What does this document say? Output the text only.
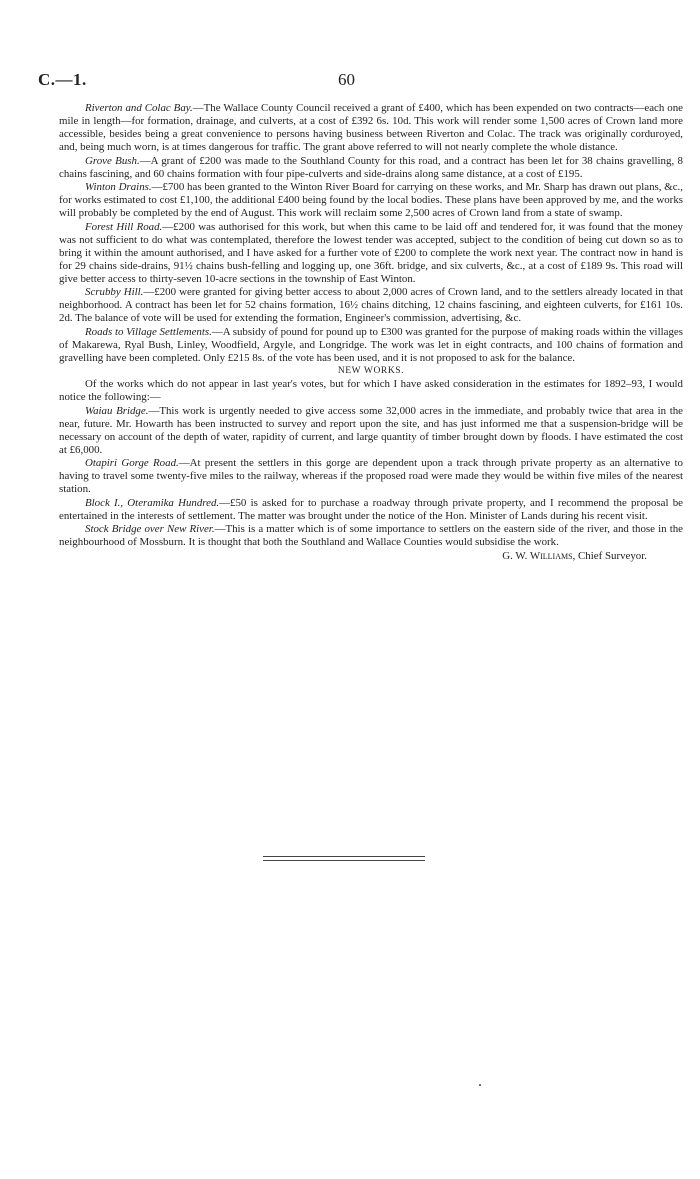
C.—1.	60

Riverton and Colac Bay.—The Wallace County Council received a grant of £400, which has been expended on two contracts—each one mile in length—for formation, drainage, and culverts, at a cost of £392 6s. 10d. This work will render some 1,500 acres of Crown land more accessible, besides being a great convenience to persons having business between Riverton and Colac. The track was originally corduroyed, and, being much worn, is at times dangerous for traffic. The grant above referred to will not nearly complete the whole distance.

Grove Bush.—A grant of £200 was made to the Southland County for this road, and a contract has been let for 38 chains gravelling, 8 chains fascining, and 60 chains formation with four pipe-culverts and side-drains along same distance, at a cost of £195.

Winton Drains.—£700 has been granted to the Winton River Board for carrying on these works, and Mr. Sharp has drawn out plans, &c., for works estimated to cost £1,100, the additional £400 being found by the local bodies. These plans have been approved by me, and the works will probably be completed by the end of August. This work will reclaim some 2,500 acres of Crown land from a state of swamp.

Forest Hill Road.—£200 was authorised for this work, but when this came to be laid off and tendered for, it was found that the money was not sufficient to do what was contemplated, therefore the lowest tender was accepted, subject to the condition of being cut down so as to bring it within the amount authorised, and I have asked for a further vote of £200 to complete the work next year. The contract now in hand is for 29 chains side-drains, 91½ chains bush-felling and logging up, one 36ft. bridge, and six culverts, &c., at a cost of £189 9s. This road will give better access to thirty-seven 10-acre sections in the township of East Winton.

Scrubby Hill.—£200 were granted for giving better access to about 2,000 acres of Crown land, and to the settlers already located in that neighborhood. A contract has been let for 52 chains formation, 16½ chains ditching, 12 chains fascining, and eighteen culverts, for £161 10s. 2d. The balance of vote will be used for extending the formation, Engineer's commission, advertising, &c.

Roads to Village Settlements.—A subsidy of pound for pound up to £300 was granted for the purpose of making roads within the villages of Makarewa, Ryal Bush, Linley, Woodfield, Argyle, and Longridge. The work was let in eight contracts, and 100 chains of formation and gravelling have been completed. Only £215 8s. of the vote has been used, and it is not proposed to ask for the balance.

NEW WORKS.

Of the works which do not appear in last year's votes, but for which I have asked consideration in the estimates for 1892–93, I would notice the following:—

Waiau Bridge.—This work is urgently needed to give access some 32,000 acres in the immediate, and probably twice that area in the near, future. Mr. Howarth has been instructed to survey and report upon the site, and has just informed me that a suspension-bridge will be necessary on account of the depth of water, rapidity of current, and large quantity of timber brought down by floods. I have estimated the cost at £6,000.

Otapiri Gorge Road.—At present the settlers in this gorge are dependent upon a track through private property as an alternative to having to travel some twenty-five miles to the railway, whereas if the proposed road were made they would be within five miles of the nearest station.

Block I., Oteramika Hundred.—£50 is asked for to purchase a roadway through private property, and I recommend the proposal be entertained in the interests of settlement. The matter was brought under the notice of the Hon. Minister of Lands during his recent visit.

Stock Bridge over New River.—This is a matter which is of some importance to settlers on the eastern side of the river, and those in the neighbourhood of Mossburn. It is thought that both the Southland and Wallace Counties would subsidise the work.

G. W. Williams, Chief Surveyor.
